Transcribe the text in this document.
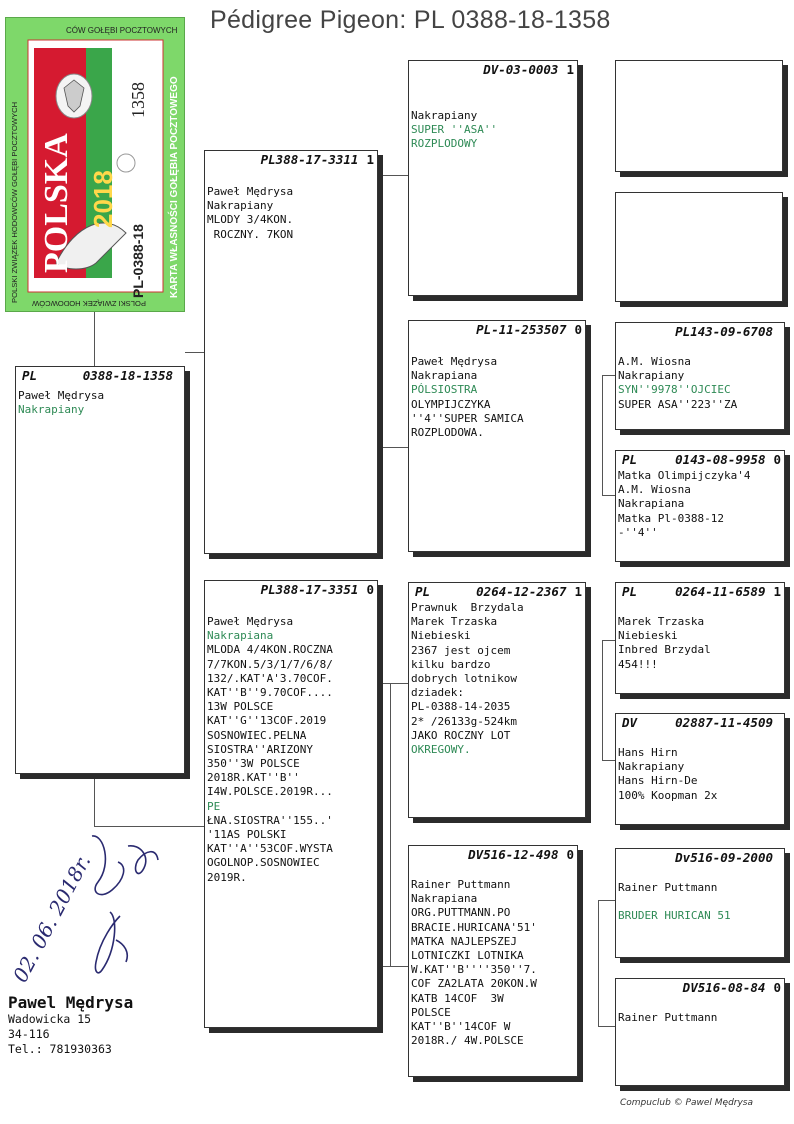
Pédigree Pigeon: PL 0388-18-1358
POLSKI ZWIĄZEK HODOWCÓW GOŁĘBI POCZTOWYCH
CÓW GOŁĘBI POCZTOWYCH
POLSKI ZWIĄZEK HODOWCÓW
KARTA WŁASNOŚCI GOŁĘBIA POCZTOWEGO
POLSKA 2018
1358
PL-0388-18
PL	0388-18-1358
Paweł Mędrysa
Nakrapiany
PL388-17-3311 1
Paweł Mędrysa
Nakrapiany
MLODY 3/4KON.
ROCZNY. 7KON
PL388-17-3351 0
Paweł Mędrysa
Nakrapiana
MLODA 4/4KON.ROCZNA
7/7KON.5/3/1/7/6/8/
132/.KAT'A'3.70COF.
KAT''B''9.70COF....
13W POLSCE
KAT''G''13COF.2019
SOSNOWIEC.PELNA
SIOSTRA''ARIZONY
350''3W POLSCE
2018R.KAT''B''
I4W.POLSCE.2019R...
PE
ŁNA.SIOSTRA''155..'
'11AS POLSKI
KAT''A''53COF.WYSTA
OGOLNOP.SOSNOWIEC
2019R.
DV-03-0003 1
Nakrapiany
SUPER ''ASA''
ROZPLODOWY
PL-11-253507 0
Paweł Mędrysa
Nakrapiana
PÓLSIOSTRA
OLYMPIJCZYKA
''4''SUPER SAMICA
ROZPLODOWA.
PL	0264-12-2367 1
Prawnuk  Brzydala
Marek Trzaska
Niebieski
2367 jest ojcem
kilku bardzo
dobrych lotnikow
dziadek:
PL-0388-14-2035
2* /26133g-524km
JAKO ROCZNY LOT
OKREGOWY.
DV516-12-498 0
Rainer Puttmann
Nakrapiana
ORG.PUTTMANN.PO
BRACIE.HURICANA'51'
MATKA NAJLEPSZEJ
LOTNICZKI LOTNIKA
W.KAT''B''''350''7.
COF ZA2LATA 20KON.W
KATB 14COF  3W
POLSCE
KAT''B''14COF W
2018R./ 4W.POLSCE
PL143-09-6708
A.M. Wiosna
Nakrapiany
SYN''9978''OJCIEC
SUPER ASA''223''ZA
PL	0143-08-9958 0
Matka Olimpijczyka'4
A.M. Wiosna
Nakrapiana
Matka Pl-0388-12
-''4''
PL	0264-11-6589 1
Marek Trzaska
Niebieski
Inbred Brzydal
454!!!
DV	02887-11-4509
Hans Hirn
Nakrapiany
Hans Hirn-De
100% Koopman 2x
Dv516-09-2000
Rainer Puttmann

BRUDER HURICAN 51
DV516-08-84 0
Rainer Puttmann
02. 06. 2018r.
Pawel Mędrysa
Wadowicka 15
34-116
Tel.: 781930363
Compuclub © Pawel Mędrysa
